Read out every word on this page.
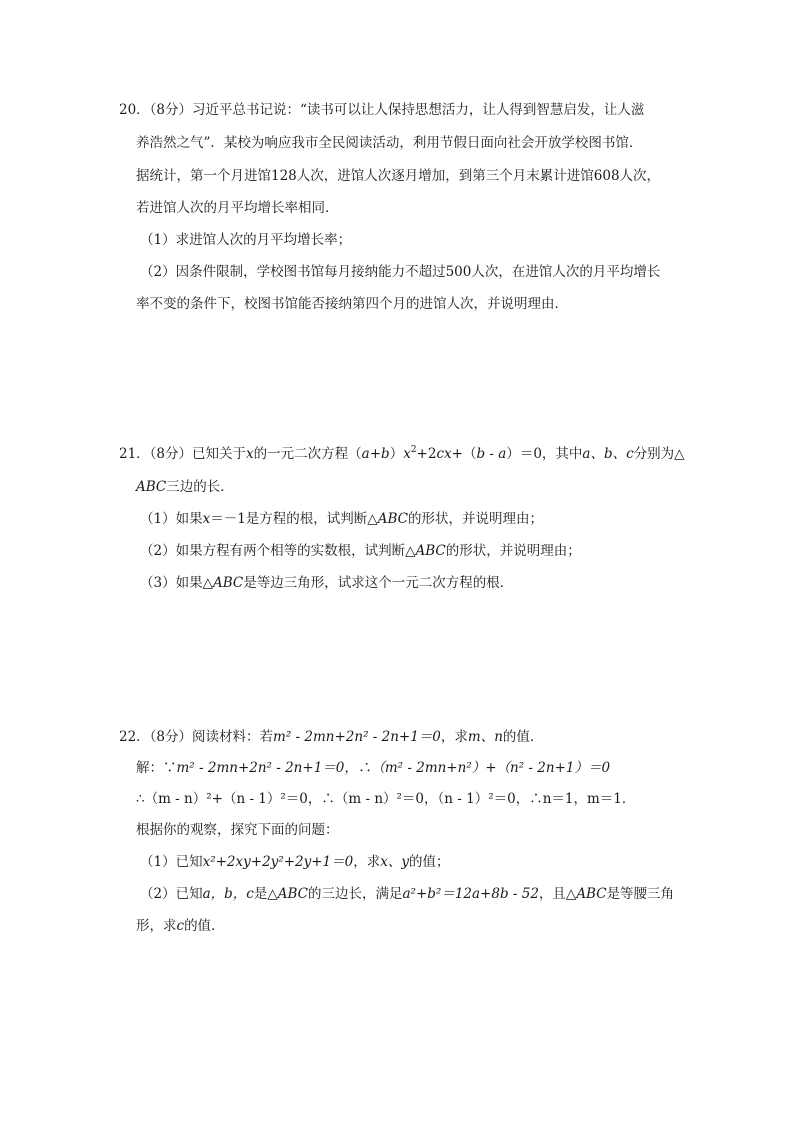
20．（8分）习近平总书记说：“读书可以让人保持思想活力，让人得到智慧启发，让人滋
养浩然之气”．某校为响应我市全民阅读活动，利用节假日面向社会开放学校图书馆．
据统计，第一个月进馆128人次，进馆人次逐月增加，到第三个月末累计进馆608人次，
若进馆人次的月平均增长率相同．
（1）求进馆人次的月平均增长率；
（2）因条件限制，学校图书馆每月接纳能力不超过500人次，在进馆人次的月平均增长
率不变的条件下，校图书馆能否接纳第四个月的进馆人次，并说明理由．
21．（8分）已知关于x的一元二次方程$(a+b)x^2+2cx+(b - a)=0$，其中a、b、c分别为△
ABC三边的长．
（1）如果x＝－1是方程的根，试判断△ABC的形状，并说明理由；
（2）如果方程有两个相等的实数根，试判断△ABC的形状，并说明理由；
（3）如果△ABC是等边三角形，试求这个一元二次方程的根．
22．（8分）阅读材料：若m² - 2mn+2n² - 2n+1＝0，求m、n的值．
解：∵m² - 2mn+2n² - 2n+1＝0，∴（m² - 2mn+n²）+（n² - 2n+1）＝0
∴（m - n）²+（n - 1）²＝0，∴（m - n）²＝0，（n - 1）²＝0，∴n＝1，m＝1．
根据你的观察，探究下面的问题：
（1）已知x²+2xy+2y²+2y+1＝0，求x、y的值；
（2）已知a，b，c是△ABC的三边长，满足a²+b²＝12a+8b - 52，且△ABC是等腰三角
形，求c的值．
